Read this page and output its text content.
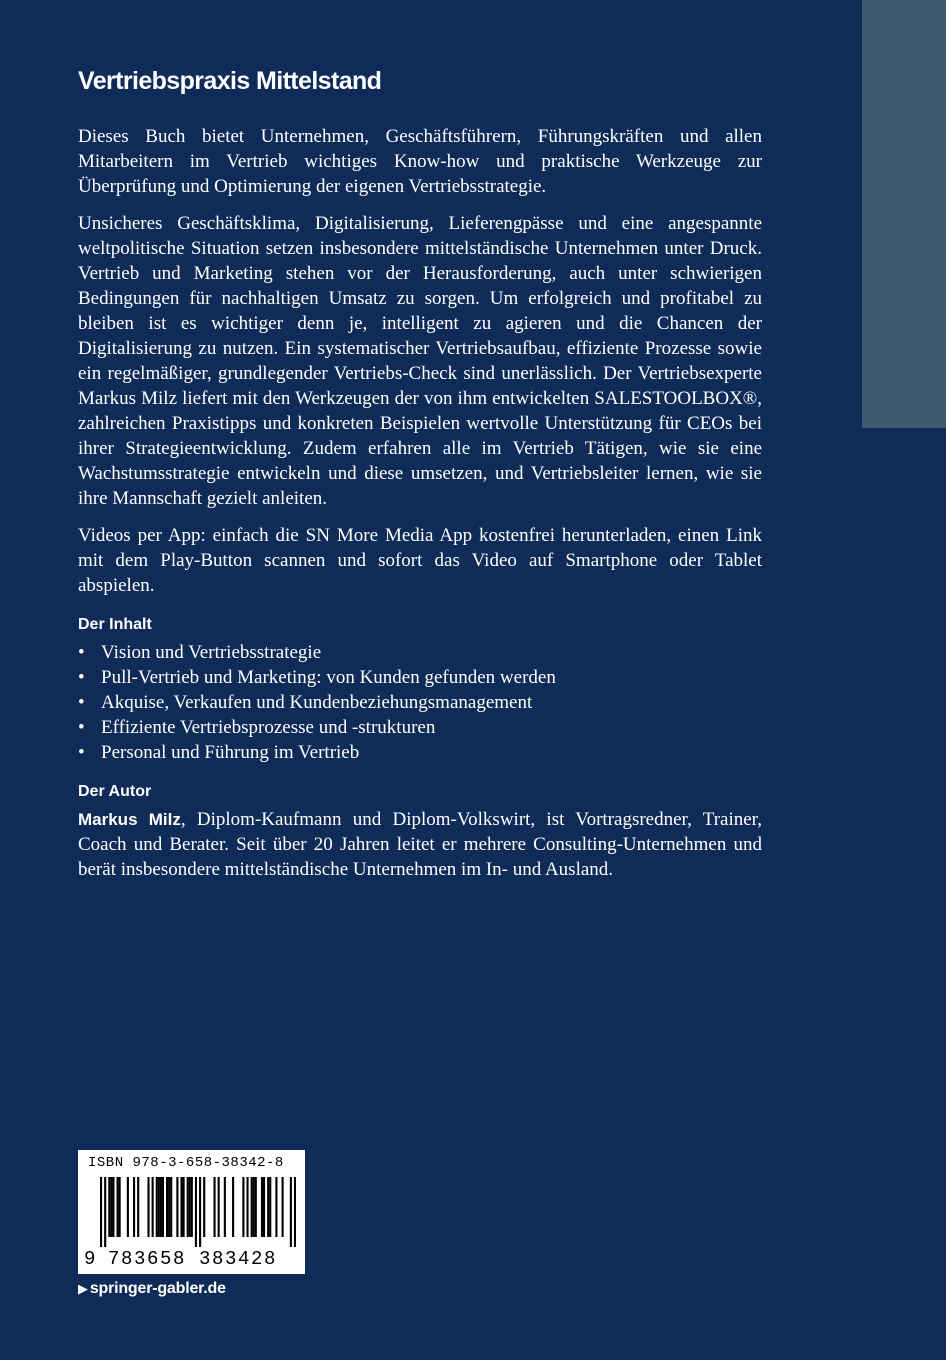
Vertriebspraxis Mittelstand

Dieses Buch bietet Unternehmen, Geschäftsführern, Führungskräften und allen Mitarbeitern im Vertrieb wichtiges Know-how und praktische Werkzeuge zur Überprüfung und Optimierung der eigenen Vertriebsstrategie.

Unsicheres Geschäftsklima, Digitalisierung, Lieferengpässe und eine angespannte weltpolitische Situation setzen insbesondere mittelständische Unternehmen unter Druck. Vertrieb und Marketing stehen vor der Herausforderung, auch unter schwierigen Bedingungen für nachhaltigen Umsatz zu sorgen. Um erfolgreich und profitabel zu bleiben ist es wichtiger denn je, intelligent zu agieren und die Chancen der Digitalisierung zu nutzen. Ein systematischer Vertriebsaufbau, effiziente Prozesse sowie ein regelmäßiger, grundlegender Vertriebs-Check sind unerlässlich. Der Vertriebsexperte Markus Milz liefert mit den Werkzeugen der von ihm entwickelten SALESTOOLBOX®, zahlreichen Praxistipps und konkreten Beispielen wertvolle Unterstützung für CEOs bei ihrer Strategieentwicklung. Zudem erfahren alle im Vertrieb Tätigen, wie sie eine Wachstumsstrategie entwickeln und diese umsetzen, und Vertriebsleiter lernen, wie sie ihre Mannschaft gezielt anleiten.

Videos per App: einfach die SN More Media App kostenfrei herunterladen, einen Link mit dem Play-Button scannen und sofort das Video auf Smartphone oder Tablet abspielen.

Der Inhalt
• Vision und Vertriebsstrategie
• Pull-Vertrieb und Marketing: von Kunden gefunden werden
• Akquise, Verkaufen und Kundenbeziehungsmanagement
• Effiziente Vertriebsprozesse und -strukturen
• Personal und Führung im Vertrieb
Der Autor

Markus Milz, Diplom-Kaufmann und Diplom-Volkswirt, ist Vortragsredner, Trainer, Coach und Berater. Seit über 20 Jahren leitet er mehrere Consulting-Unternehmen und berät insbesondere mittelständische Unternehmen im In- und Ausland.

ISBN 978-3-658-38342-8
9 783658 383428
▶ springer-gabler.de
